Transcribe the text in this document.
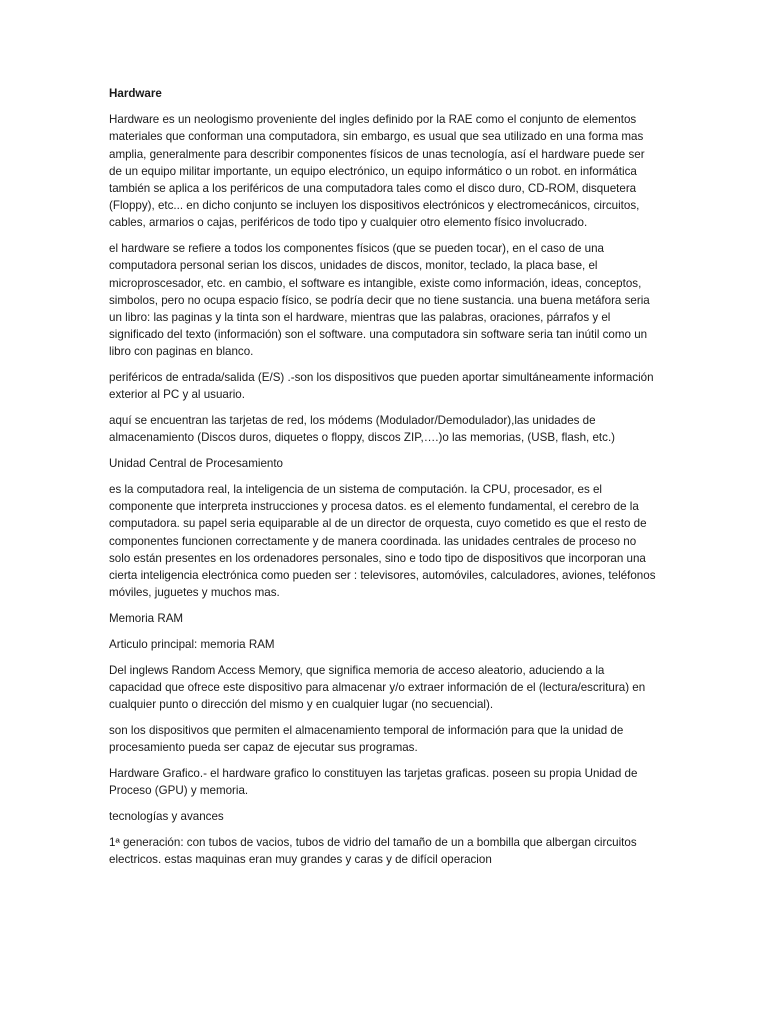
Hardware

Hardware es un neologismo proveniente del ingles definido por la RAE como el conjunto de elementos materiales que conforman una computadora, sin embargo, es usual que sea utilizado en una forma mas amplia, generalmente para describir componentes físicos de unas tecnología, así el hardware puede ser de un equipo militar importante, un equipo electrónico, un equipo informático o un robot. en informática también se aplica a los periféricos de una computadora tales como el disco duro, CD-ROM, disquetera (Floppy), etc... en dicho conjunto se incluyen los dispositivos electrónicos y electromecánicos, circuitos, cables, armarios o cajas, periféricos de todo tipo y cualquier otro elemento físico involucrado.

el hardware se refiere a todos los componentes físicos (que se pueden tocar), en el caso de una computadora personal serian los discos, unidades de discos, monitor, teclado, la placa base, el microproscesador, etc. en cambio, el software es intangible, existe como información, ideas, conceptos, simbolos, pero no ocupa espacio físico, se podría decir que no tiene sustancia. una buena metáfora seria un libro: las paginas y la tinta son el hardware, mientras que las palabras, oraciones, párrafos y el significado del texto (información) son el software. una computadora sin software seria tan inútil como un libro con paginas en blanco.

periféricos de entrada/salida (E/S) .-son los dispositivos que pueden aportar simultáneamente información exterior al PC y al usuario.

aquí se encuentran las tarjetas de red, los módems (Modulador/Demodulador),las unidades de almacenamiento (Discos duros, diquetes o floppy, discos ZIP,….)o las memorias, (USB, flash, etc.)

Unidad Central de Procesamiento

es la computadora real, la inteligencia de un sistema de computación. la CPU, procesador, es el componente que interpreta instrucciones y procesa datos. es el elemento fundamental, el cerebro de la computadora. su papel seria equiparable al de un director de orquesta, cuyo cometido es que el resto de componentes funcionen correctamente y de manera coordinada. las unidades centrales de proceso no solo están presentes en los ordenadores personales, sino e todo tipo de dispositivos que incorporan una cierta inteligencia electrónica como pueden ser : televisores, automóviles, calculadores, aviones, teléfonos móviles, juguetes y muchos mas.

Memoria RAM

Articulo principal: memoria RAM

Del inglews Random Access Memory, que significa memoria de acceso aleatorio, aduciendo a la capacidad que ofrece este dispositivo para almacenar y/o extraer información de el (lectura/escritura) en cualquier punto o dirección del mismo y en cualquier lugar (no secuencial).

son los dispositivos que permiten el almacenamiento temporal de información para que la unidad de procesamiento pueda ser capaz de ejecutar sus programas.

Hardware Grafico.- el hardware grafico lo constituyen las tarjetas graficas. poseen su propia Unidad de Proceso (GPU) y memoria.

tecnologías y avances

1ª generación: con tubos de vacios, tubos de vidrio del tamaño de un a bombilla que albergan circuitos electricos. estas maquinas eran muy grandes y caras y de difícil operacion
